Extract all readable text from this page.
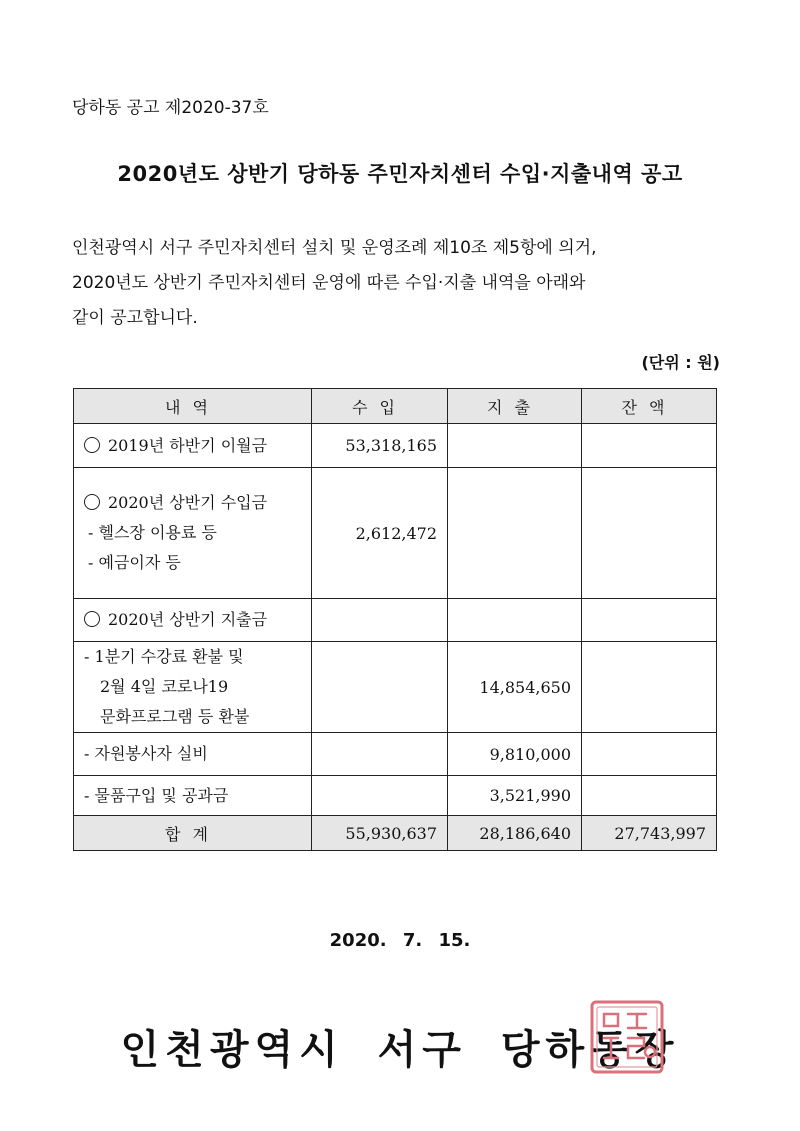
당하동 공고 제2020-37호
2020년도 상반기 당하동 주민자치센터 수입·지출내역 공고
인천광역시 서구 주민자치센터 설치 및 운영조례 제10조 제5항에 의거,
2020년도 상반기 주민자치센터 운영에 따른 수입·지출 내역을 아래와
같이 공고합니다.
(단위 : 원)
내역	수입	지출	잔액

2019년 하반기 이월금	53,318,165		

2020년 상반기 수입금
- 헬스장 이용료 등
- 예금이자 등	2,612,472		

2020년 상반기 지출금			

- 1분기 수강료 환불 및
2월 4일 코로나19
문화프로그램 등 환불		14,854,650	

- 자원봉사자 실비		9,810,000	

- 물품구입 및 공과금		3,521,990	
합계	55,930,637	28,186,640	27,743,997
2020. 7. 15.
인천광역시 서구 당하동장
